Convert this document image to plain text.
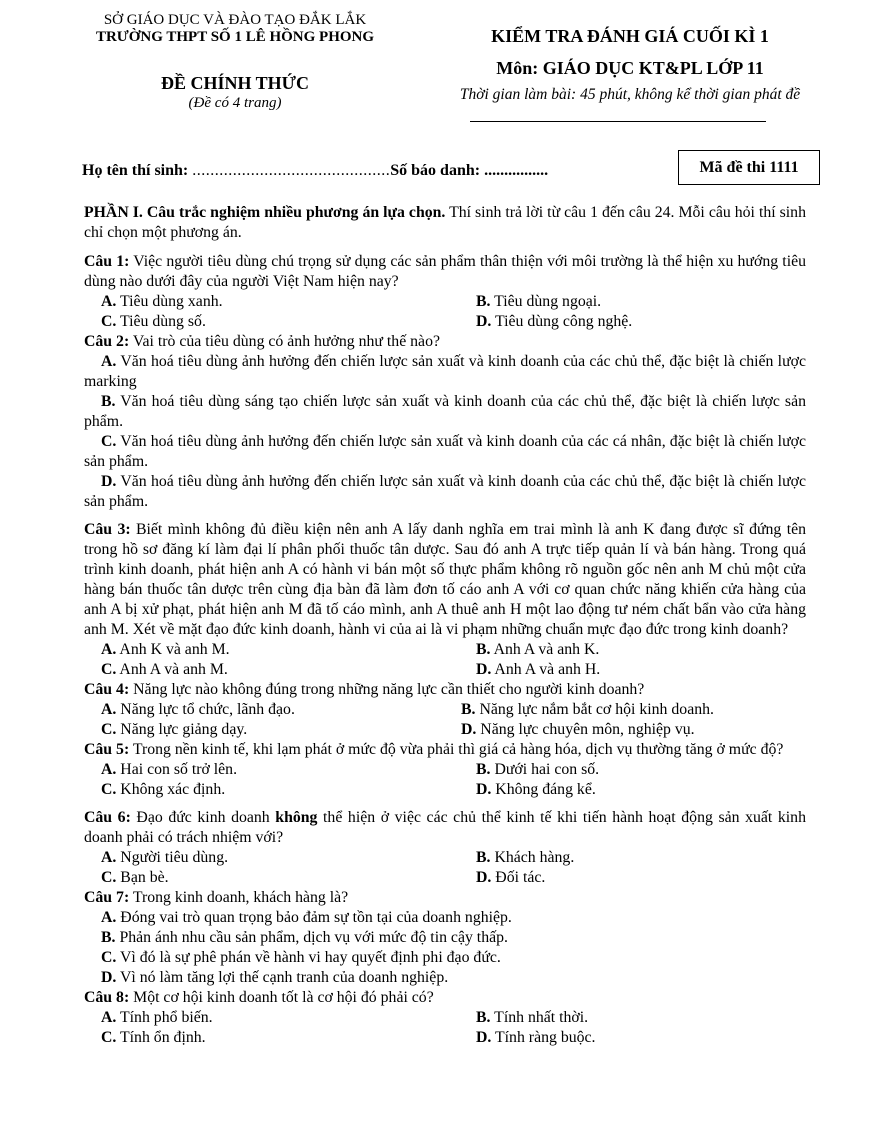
SỞ GIÁO DỤC VÀ ĐÀO TẠO ĐẮK LẮK
TRƯỜNG THPT SỐ 1 LÊ HỒNG PHONG
ĐỀ CHÍNH THỨC
(Đề có 4 trang)
KIỂM TRA ĐÁNH GIÁ CUỐI KÌ 1
Môn: GIÁO DỤC KT&PL LỚP 11
Thời gian làm bài: 45 phút, không kể thời gian phát đề
Họ tên thí sinh: ............................................Số báo danh: ................	Mã đề thi 1111
PHẦN I. Câu trắc nghiệm nhiều phương án lựa chọn. Thí sinh trả lời từ câu 1 đến câu 24. Mỗi câu hỏi thí sinh chỉ chọn một phương án.
Câu 1: Việc người tiêu dùng chú trọng sử dụng các sản phẩm thân thiện với môi trường là thể hiện xu hướng tiêu dùng nào dưới đây của người Việt Nam hiện nay?
A. Tiêu dùng xanh.	B. Tiêu dùng ngoại.
C. Tiêu dùng số.	D. Tiêu dùng công nghệ.
Câu 2: Vai trò của tiêu dùng có ảnh hưởng như thế nào?
A. Văn hoá tiêu dùng ảnh hưởng đến chiến lược sản xuất và kinh doanh của các chủ thể, đặc biệt là chiến lược marking
B. Văn hoá tiêu dùng sáng tạo chiến lược sản xuất và kinh doanh của các chủ thể, đặc biệt là chiến lược sản phẩm.
C. Văn hoá tiêu dùng ảnh hưởng đến chiến lược sản xuất và kinh doanh của các cá nhân, đặc biệt là chiến lược sản phẩm.
D. Văn hoá tiêu dùng ảnh hưởng đến chiến lược sản xuất và kinh doanh của các chủ thể, đặc biệt là chiến lược sản phẩm.
Câu 3: Biết mình không đủ điều kiện nên anh A lấy danh nghĩa em trai mình là anh K đang được sĩ đứng tên trong hồ sơ đăng kí làm đại lí phân phối thuốc tân dược. Sau đó anh A trực tiếp quản lí và bán hàng. Trong quá trình kinh doanh, phát hiện anh A có hành vi bán một số thực phẩm không rõ nguồn gốc nên anh M chủ một cửa hàng bán thuốc tân dược trên cùng địa bàn đã làm đơn tố cáo anh A với cơ quan chức năng khiến cửa hàng của anh A bị xử phạt, phát hiện anh M đã tố cáo mình, anh A thuê anh H một lao động tư ném chất bẩn vào cửa hàng anh M. Xét về mặt đạo đức kinh doanh, hành vi của ai là vi phạm những chuẩn mực đạo đức trong kinh doanh?
A. Anh K và anh M.	B. Anh A và anh K.
C. Anh A và anh M.	D. Anh A và anh H.
Câu 4: Năng lực nào không đúng trong những năng lực cần thiết cho người kinh doanh?
A. Năng lực tổ chức, lãnh đạo.	B. Năng lực nắm bắt cơ hội kinh doanh.
C. Năng lực giảng dạy.	D. Năng lực chuyên môn, nghiệp vụ.
Câu 5: Trong nền kinh tế, khi lạm phát ở mức độ vừa phải thì giá cả hàng hóa, dịch vụ thường tăng ở mức độ?
A. Hai con số trở lên.	B. Dưới hai con số.
C. Không xác định.	D. Không đáng kể.
Câu 6: Đạo đức kinh doanh không thể hiện ở việc các chủ thể kinh tế khi tiến hành hoạt động sản xuất kinh doanh phải có trách nhiệm với?
A. Người tiêu dùng.	B. Khách hàng.
C. Bạn bè.	D. Đối tác.
Câu 7: Trong kinh doanh, khách hàng là?
A. Đóng vai trò quan trọng bảo đảm sự tồn tại của doanh nghiệp.
B. Phản ánh nhu cầu sản phẩm, dịch vụ với mức độ tin cậy thấp.
C. Vì đó là sự phê phán về hành vi hay quyết định phi đạo đức.
D. Vì nó làm tăng lợi thế cạnh tranh của doanh nghiệp.
Câu 8: Một cơ hội kinh doanh tốt là cơ hội đó phải có?
A. Tính phổ biến.	B. Tính nhất thời.
C. Tính ổn định.	D. Tính ràng buộc.
